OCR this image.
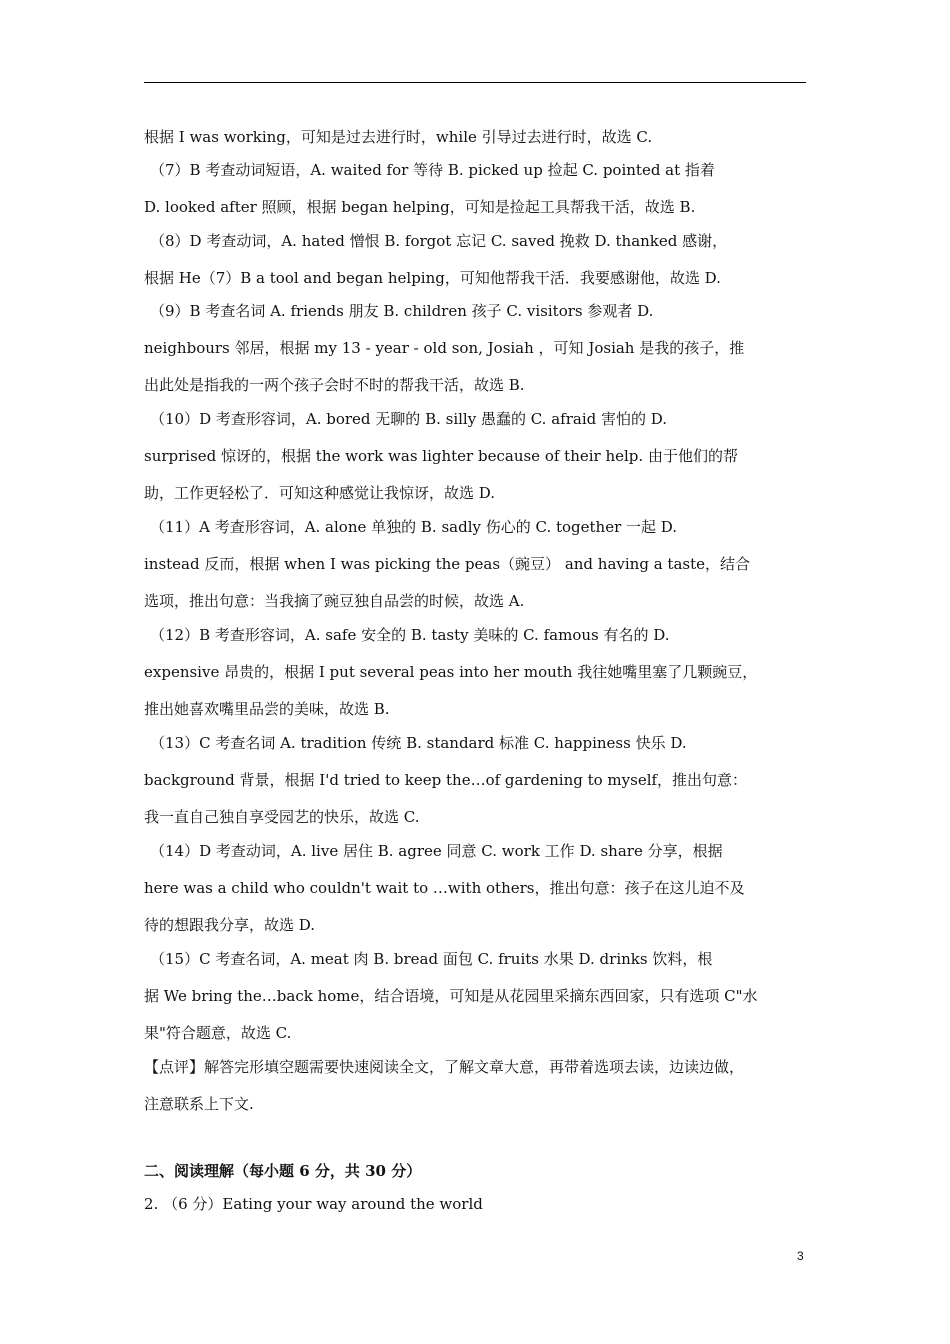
根据 I was working，可知是过去进行时，while 引导过去进行时，故选 C.
（7）B 考查动词短语，A. waited for 等待 B. picked up 捡起 C. pointed at 指着
D. looked after 照顾，根据 began helping，可知是捡起工具帮我干活，故选 B.
（8）D 考查动词，A. hated 憎恨 B. forgot 忘记 C. saved 挽救 D. thanked 感谢，
根据 He（7）B a tool and began helping，可知他帮我干活．我要感谢他，故选 D.
（9）B 考查名词 A. friends 朋友 B. children 孩子 C. visitors 参观者 D.
neighbours 邻居，根据 my 13 - year - old son, Josiah ，可知 Josiah 是我的孩子，推
出此处是指我的一两个孩子会时不时的帮我干活，故选 B.
（10）D 考查形容词，A. bored 无聊的 B. silly 愚蠢的 C. afraid 害怕的 D.
surprised 惊讶的，根据 the work was lighter because of their help. 由于他们的帮
助，工作更轻松了．可知这种感觉让我惊讶，故选 D.
（11）A 考查形容词，A. alone 单独的 B. sadly 伤心的 C. together 一起 D.
instead 反而，根据 when I was picking the peas（豌豆） and having a taste，结合
选项，推出句意：当我摘了豌豆独自品尝的时候，故选 A.
（12）B 考查形容词，A. safe 安全的 B. tasty 美味的 C. famous 有名的 D.
expensive 昂贵的，根据 I put several peas into her mouth 我往她嘴里塞了几颗豌豆，
推出她喜欢嘴里品尝的美味，故选 B.
（13）C 考查名词 A. tradition 传统 B. standard 标准 C. happiness 快乐 D.
background 背景，根据 I'd tried to keep the…of gardening to myself，推出句意：
我一直自己独自享受园艺的快乐，故选 C.
（14）D 考查动词，A. live 居住 B. agree 同意 C. work 工作 D. share 分享，根据
here was a child who couldn't wait to …with others，推出句意：孩子在这儿迫不及
待的想跟我分享，故选 D.
（15）C 考查名词，A. meat 肉 B. bread 面包 C. fruits 水果 D. drinks 饮料，根
据 We bring the…back home，结合语境，可知是从花园里采摘东西回家，只有选项 C"水
果"符合题意，故选 C.
【点评】解答完形填空题需要快速阅读全文，了解文章大意，再带着选项去读，边读边做，
注意联系上下文.
二、阅读理解（每小题 6 分，共 30 分）
2. （6 分）Eating your way around the world
3
